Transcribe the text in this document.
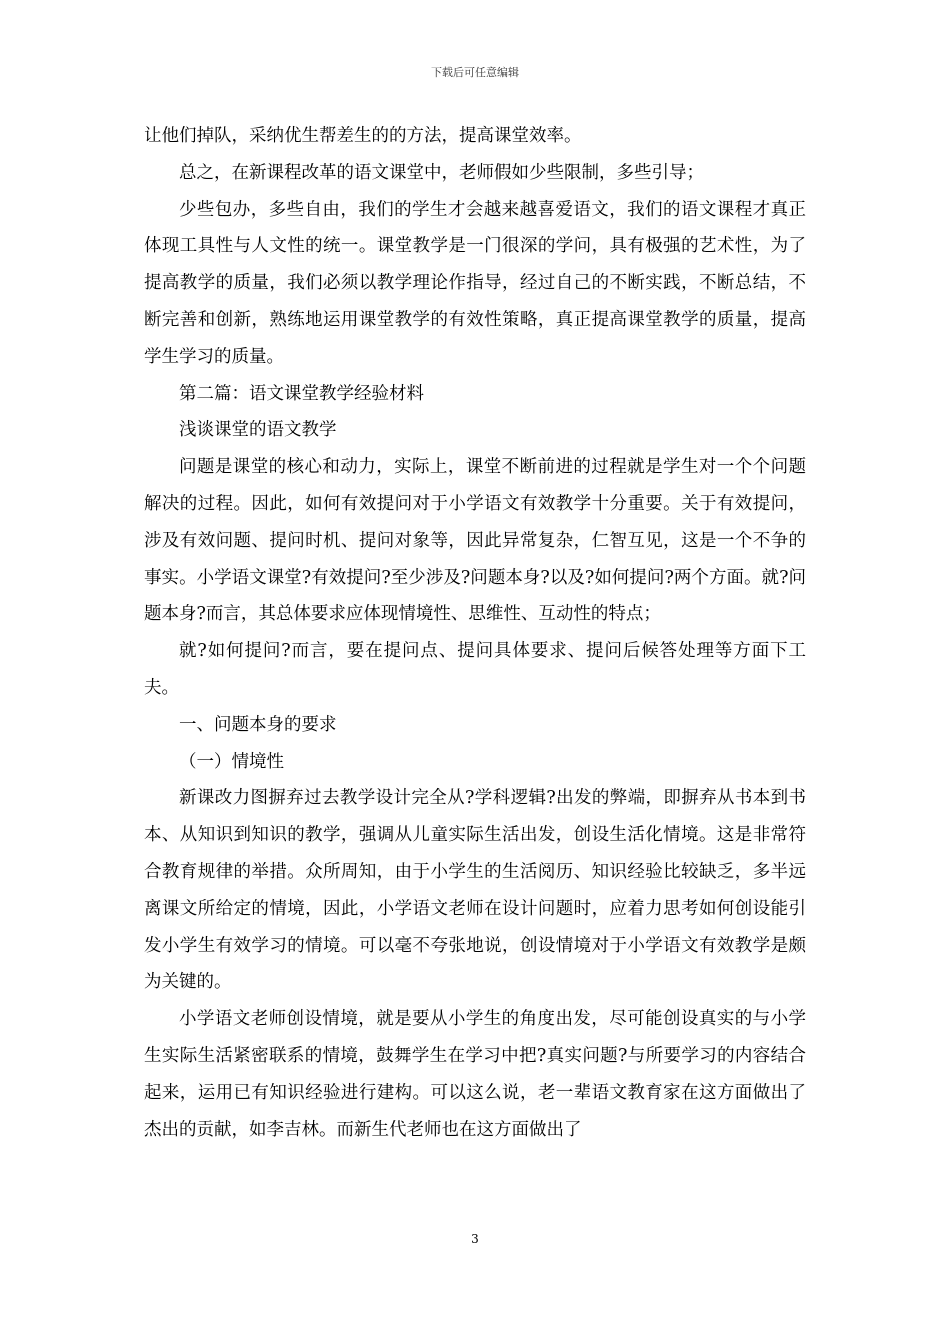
下载后可任意编辑

让他们掉队，采纳优生帮差生的的方法，提高课堂效率。

总之，在新课程改革的语文课堂中，老师假如少些限制，多些引导；

少些包办，多些自由，我们的学生才会越来越喜爱语文，我们的语文课程才真正体现工具性与人文性的统一。课堂教学是一门很深的学问，具有极强的艺术性，为了提高教学的质量，我们必须以教学理论作指导，经过自己的不断实践，不断总结，不断完善和创新，熟练地运用课堂教学的有效性策略，真正提高课堂教学的质量，提高学生学习的质量。

第二篇：语文课堂教学经验材料

浅谈课堂的语文教学

问题是课堂的核心和动力，实际上，课堂不断前进的过程就是学生对一个个问题解决的过程。因此，如何有效提问对于小学语文有效教学十分重要。关于有效提问，涉及有效问题、提问时机、提问对象等，因此异常复杂，仁智互见，这是一个不争的事实。小学语文课堂?有效提问?至少涉及?问题本身?以及?如何提问?两个方面。就?问题本身?而言，其总体要求应体现情境性、思维性、互动性的特点；

就?如何提问?而言，要在提问点、提问具体要求、提问后候答处理等方面下工夫。

一、问题本身的要求

（一）情境性

新课改力图摒弃过去教学设计完全从?学科逻辑?出发的弊端，即摒弃从书本到书本、从知识到知识的教学，强调从儿童实际生活出发，创设生活化情境。这是非常符合教育规律的举措。众所周知，由于小学生的生活阅历、知识经验比较缺乏，多半远离课文所给定的情境，因此，小学语文老师在设计问题时，应着力思考如何创设能引发小学生有效学习的情境。可以毫不夸张地说，创设情境对于小学语文有效教学是颇为关键的。

小学语文老师创设情境，就是要从小学生的角度出发，尽可能创设真实的与小学生实际生活紧密联系的情境，鼓舞学生在学习中把?真实问题?与所要学习的内容结合起来，运用已有知识经验进行建构。可以这么说，老一辈语文教育家在这方面做出了杰出的贡献，如李吉林。而新生代老师也在这方面做出了

3
